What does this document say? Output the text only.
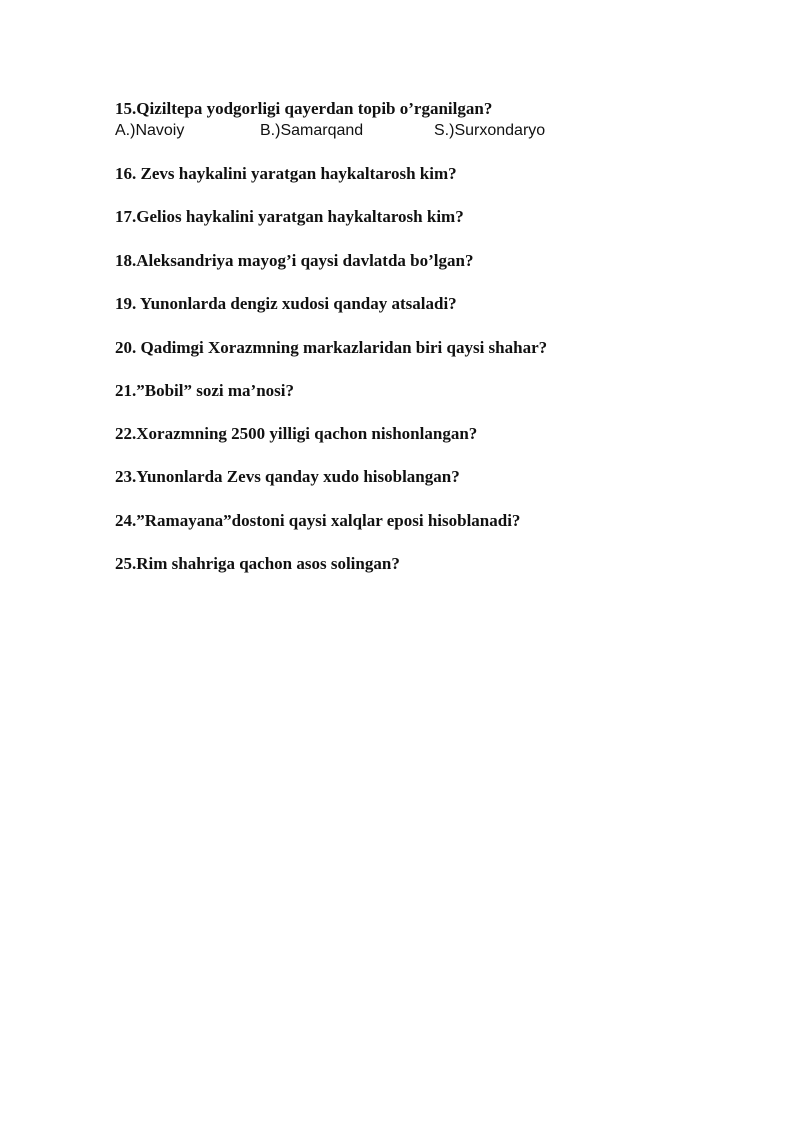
15.Qiziltepa yodgorligi qayerdan topib o’rganilgan?

A.)Navoiy	B.)Samarqand	S.)Surxondaryo

16. Zevs haykalini yaratgan haykaltarosh kim?

17.Gelios haykalini yaratgan haykaltarosh kim?

18.Aleksandriya mayog’i qaysi davlatda bo’lgan?

19. Yunonlarda dengiz xudosi qanday atsaladi?

20. Qadimgi Xorazmning markazlaridan biri qaysi shahar?

21.”Bobil” sozi ma’nosi?

22.Xorazmning 2500 yilligi qachon nishonlangan?

23.Yunonlarda Zevs qanday xudo hisoblangan?

24.”Ramayana”dostoni qaysi xalqlar eposi hisoblanadi?

25.Rim shahriga qachon asos solingan?
